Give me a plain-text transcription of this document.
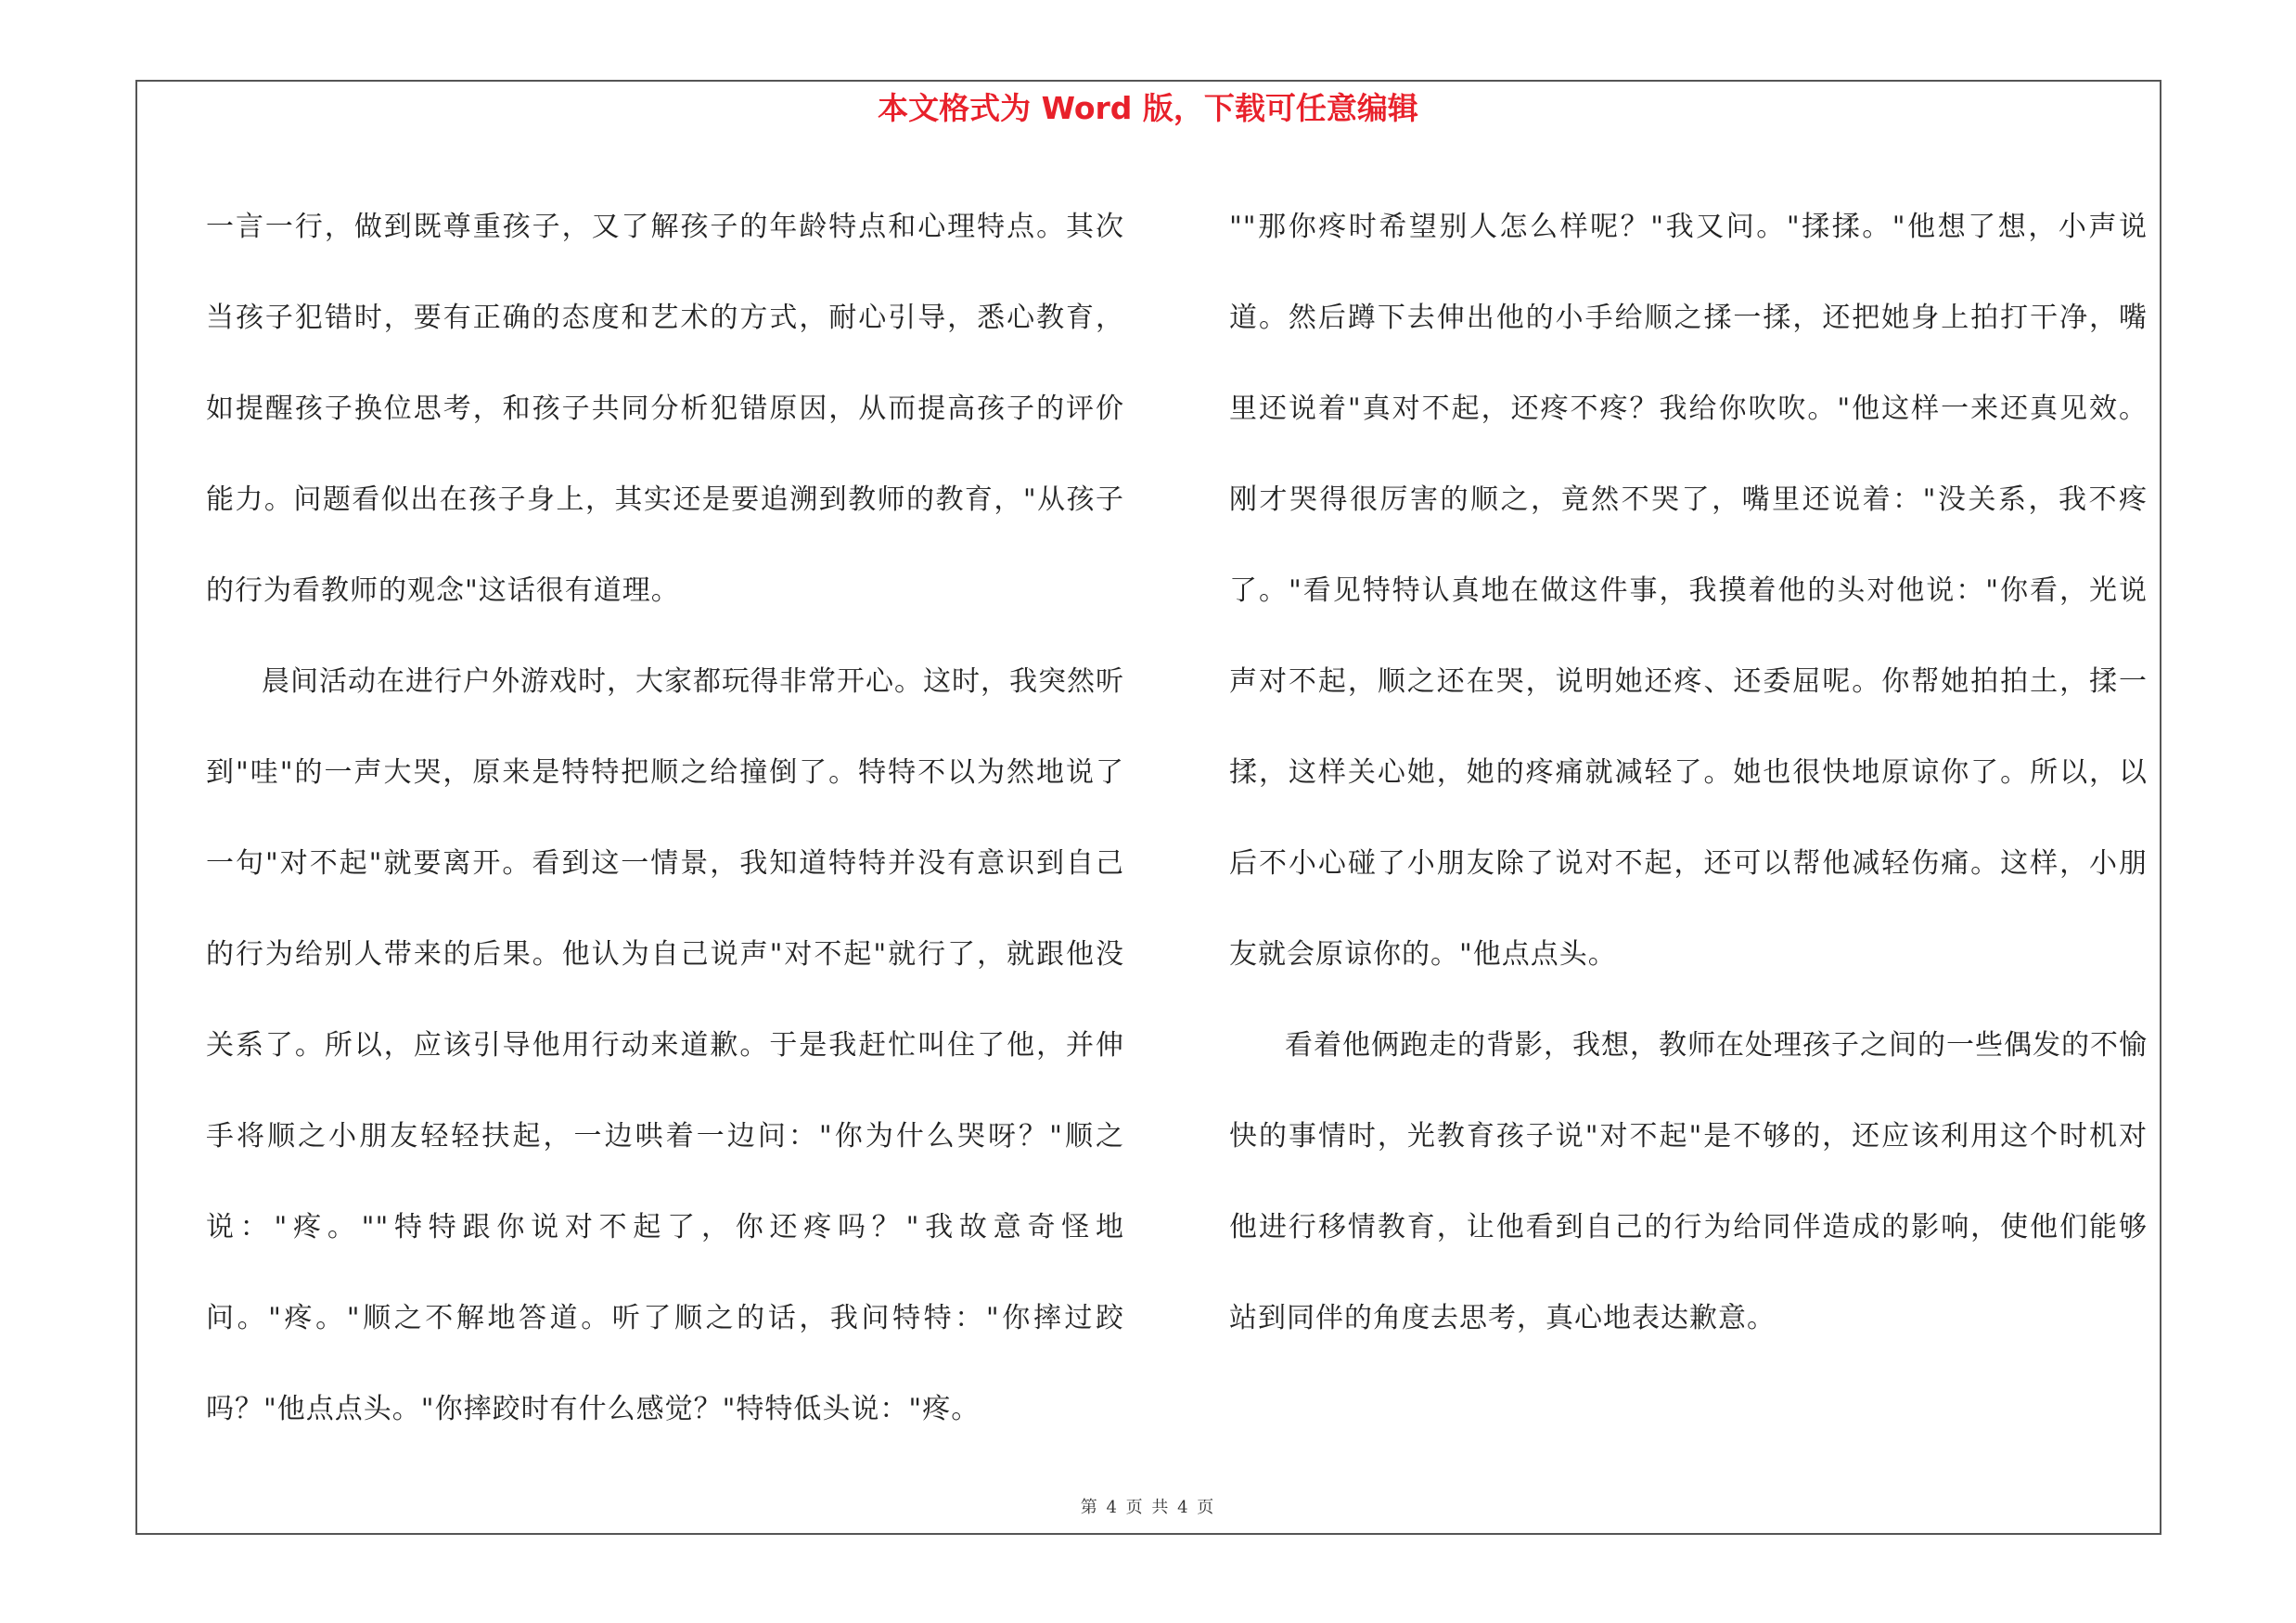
本文格式为 Word 版，下载可任意编辑

一言一行，做到既尊重孩子，又了解孩子的年龄特点和心理特点。其次当孩子犯错时，要有正确的态度和艺术的方式，耐心引导，悉心教育，如提醒孩子换位思考，和孩子共同分析犯错原因，从而提高孩子的评价能力。问题看似出在孩子身上，其实还是要追溯到教师的教育，"从孩子的行为看教师的观念"这话很有道理。

晨间活动在进行户外游戏时，大家都玩得非常开心。这时，我突然听到"哇"的一声大哭，原来是特特把顺之给撞倒了。特特不以为然地说了一句"对不起"就要离开。看到这一情景，我知道特特并没有意识到自己的行为给别人带来的后果。他认为自己说声"对不起"就行了，就跟他没关系了。所以，应该引导他用行动来道歉。于是我赶忙叫住了他，并伸手将顺之小朋友轻轻扶起，一边哄着一边问："你为什么哭呀？"顺之说："疼。""特特跟你说对不起了，你还疼吗？"我故意奇怪地问。"疼。"顺之不解地答道。听了顺之的话，我问特特："你摔过跤吗？"他点点头。"你摔跤时有什么感觉？"特特低头说："疼。

""那你疼时希望别人怎么样呢？"我又问。"揉揉。"他想了想，小声说道。然后蹲下去伸出他的小手给顺之揉一揉，还把她身上拍打干净，嘴里还说着"真对不起，还疼不疼？我给你吹吹。"他这样一来还真见效。刚才哭得很厉害的顺之，竟然不哭了，嘴里还说着："没关系，我不疼了。"看见特特认真地在做这件事，我摸着他的头对他说："你看，光说声对不起，顺之还在哭，说明她还疼、还委屈呢。你帮她拍拍土，揉一揉，这样关心她，她的疼痛就减轻了。她也很快地原谅你了。所以，以后不小心碰了小朋友除了说对不起，还可以帮他减轻伤痛。这样，小朋友就会原谅你的。"他点点头。

看着他俩跑走的背影，我想，教师在处理孩子之间的一些偶发的不愉快的事情时，光教育孩子说"对不起"是不够的，还应该利用这个时机对他进行移情教育，让他看到自己的行为给同伴造成的影响，使他们能够站到同伴的角度去思考，真心地表达歉意。

第 4 页 共 4 页
